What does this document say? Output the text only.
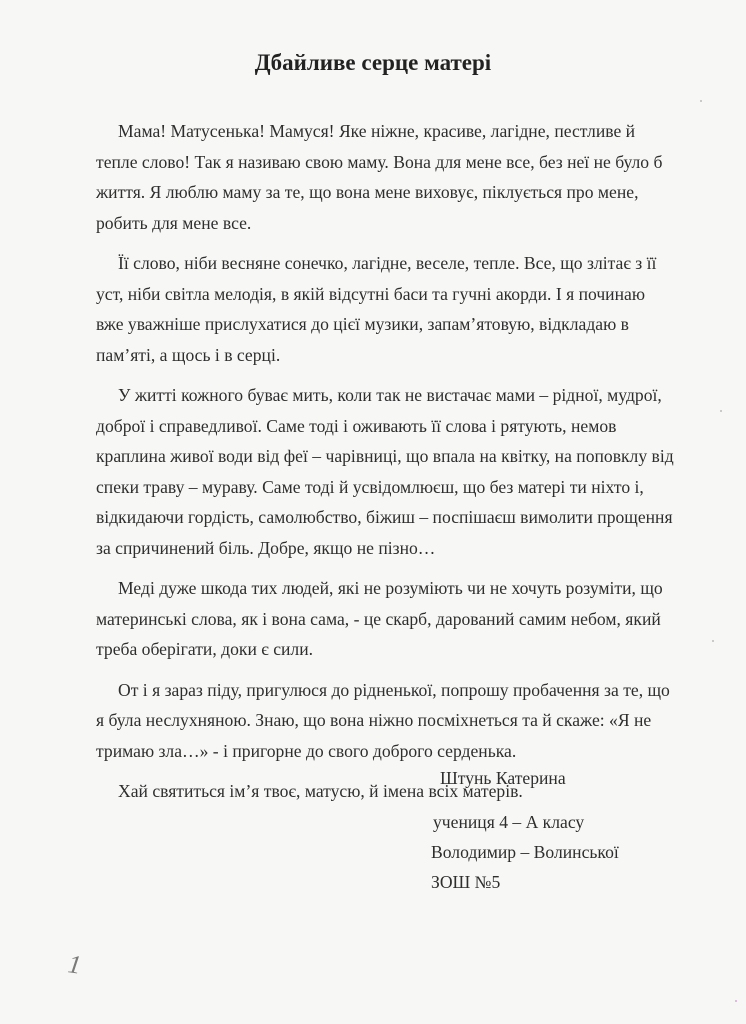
Дбайливе серце матері

Мама! Матусенька! Мамуся! Яке ніжне, красиве, лагідне, пестливе й тепле слово! Так я називаю свою маму. Вона для мене все, без неї не було б життя. Я люблю маму за те, що вона мене виховує, піклується про мене, робить для мене все.

Її слово, ніби весняне сонечко, лагідне, веселе, тепле. Все, що злітає з її уст, ніби світла мелодія, в якій відсутні баси та гучні акорди. І я починаю вже уважніше прислухатися до цієї музики, запам’ятовую, відкладаю в пам’яті, а щось і в серці.

У житті кожного буває мить, коли так не вистачає мами – рідної, мудрої, доброї і справедливої. Саме тоді і оживають її слова і рятують, немов краплина живої води від феї – чарівниці, що впала на квітку, на поповклу від спеки траву – мураву. Саме тоді й усвідомлюєш, що без матері ти ніхто і, відкидаючи гордість, самолюбство, біжиш – поспішаєш вимолити прощення за спричинений біль. Добре, якщо не пізно…

Меді дуже шкода тих людей, які не розуміють чи не хочуть розуміти, що материнські слова, як і вона сама, - це скарб, дарований самим небом, який треба оберігати, доки є сили.

От і я зараз піду, пригулюся до рідненької, попрошу пробачення за те, що я була неслухняною. Знаю, що вона ніжно посміхнеться та й скаже: «Я не тримаю зла…» - і пригорне до свого доброго серденька.

Хай святиться ім’я твоє, матусю, й імена всіх матерів.

Штунь Катерина
учениця 4 – А класу
Володимир – Волинської
ЗОШ №5
1
